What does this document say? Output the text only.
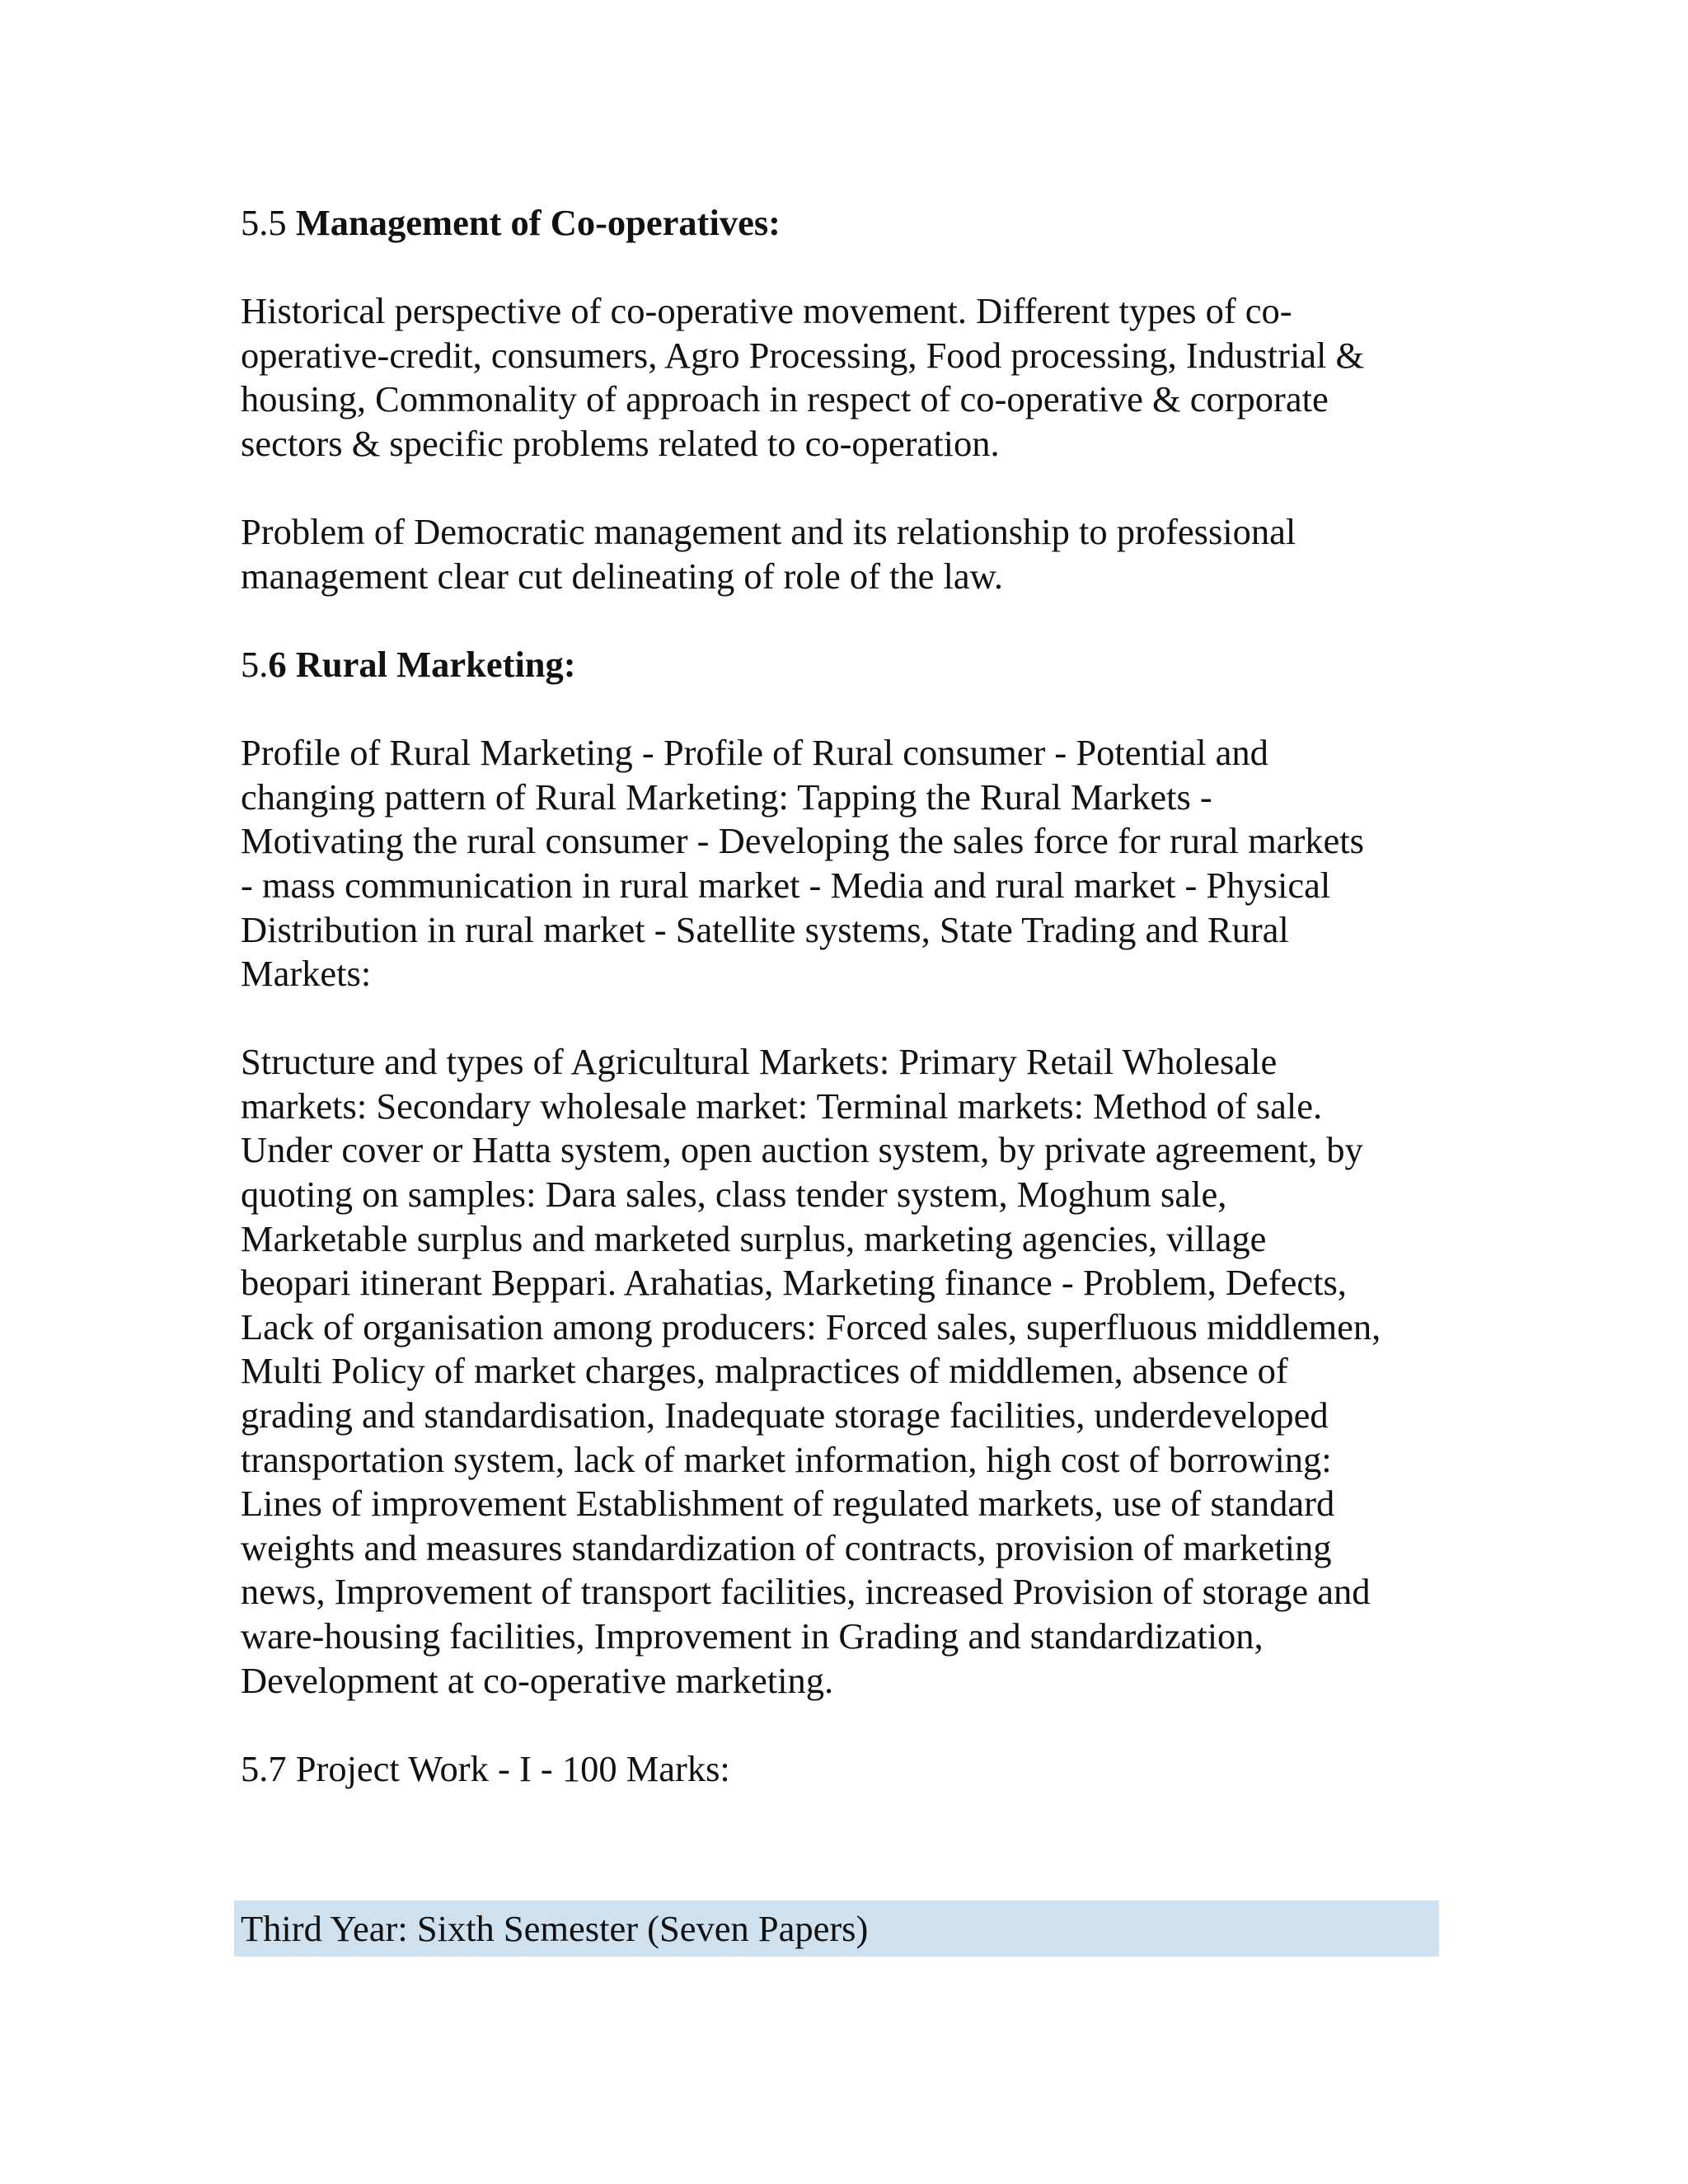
5.5 Management of Co-operatives:

Historical perspective of co-operative movement. Different types of co-
operative-credit, consumers, Agro Processing, Food processing, Industrial &
housing, Commonality of approach in respect of co-operative & corporate
sectors & specific problems related to co-operation.

Problem of Democratic management and its relationship to professional
management clear cut delineating of role of the law.

5.6 Rural Marketing:

Profile of Rural Marketing - Profile of Rural consumer - Potential and
changing pattern of Rural Marketing: Tapping the Rural Markets -
Motivating the rural consumer - Developing the sales force for rural markets
- mass communication in rural market - Media and rural market - Physical
Distribution in rural market - Satellite systems, State Trading and Rural
Markets:

Structure and types of Agricultural Markets: Primary Retail Wholesale
markets: Secondary wholesale market: Terminal markets: Method of sale.
Under cover or Hatta system, open auction system, by private agreement, by
quoting on samples: Dara sales, class tender system, Moghum sale,
Marketable surplus and marketed surplus, marketing agencies, village
beopari itinerant Beppari. Arahatias, Marketing finance - Problem, Defects,
Lack of organisation among producers: Forced sales, superfluous middlemen,
Multi Policy of market charges, malpractices of middlemen, absence of
grading and standardisation, Inadequate storage facilities, underdeveloped
transportation system, lack of market information, high cost of borrowing:
Lines of improvement Establishment of regulated markets, use of standard
weights and measures standardization of contracts, provision of marketing
news, Improvement of transport facilities, increased Provision of storage and
ware-housing facilities, Improvement in Grading and standardization,
Development at co-operative marketing.

5.7 Project Work - I - 100 Marks:
Third Year: Sixth Semester (Seven Papers)
